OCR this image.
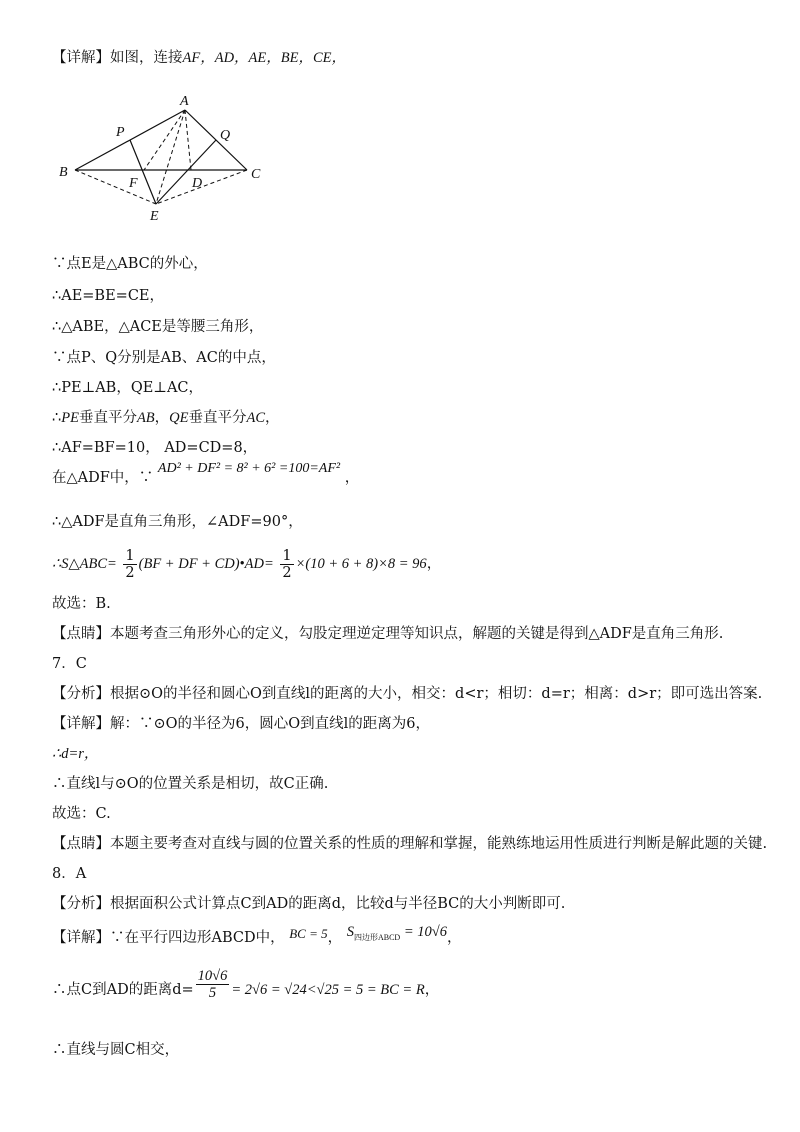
【详解】如图，连接AF，AD，AE，BE，CE，
A
P	Q
B	C
F	D
E
∵点E是△ABC的外心，
∴AE=BE=CE，
∴△ABE，△ACE是等腰三角形，
∵点P、Q分别是AB、AC的中点，
∴PE⊥AB，QE⊥AC，
∴PE垂直平分AB，QE垂直平分AC，
∴AF=BF=10， AD=CD=8，
在△ADF中，∵ AD² + DF² = 8² + 6² =100=AF² ，
∴△ADF是直角三角形，∠ADF=90°，
∴S△ABC= $\frac{1}{2} (BF$ + DF + CD)•AD= $\frac{1}{2} \times(10 + 6 + 8)\times 8 = 96$，
故选：B.
【点睛】本题考查三角形外心的定义，勾股定理逆定理等知识点，解题的关键是得到△ADF是直角三角形.
7．C
【分析】根据⊙O的半径和圆心O到直线l的距离的大小，相交：d<r；相切：d=r；相离：d>r；即可选出答案.
【详解】解：∵⊙O的半径为6，圆心O到直线l的距离为6，
∴d=r，
∴直线l与⊙O的位置关系是相切，故C正确.
故选：C.
【点睛】本题主要考查对直线与圆的位置关系的性质的理解和掌握，能熟练地运用性质进行判断是解此题的关键.
8．A
【分析】根据面积公式计算点C到AD的距离d，比较d与半径BC的大小判断即可.
【详解】∵在平行四边形ABCD中， BC = 5， $S_{四边形ABCD} = 10√6$，
∴点C到AD的距离$d= \frac{10√6}{5} = 2√6 = √24<√25 = 5$ = BC = R，
∴直线与圆C相交，
